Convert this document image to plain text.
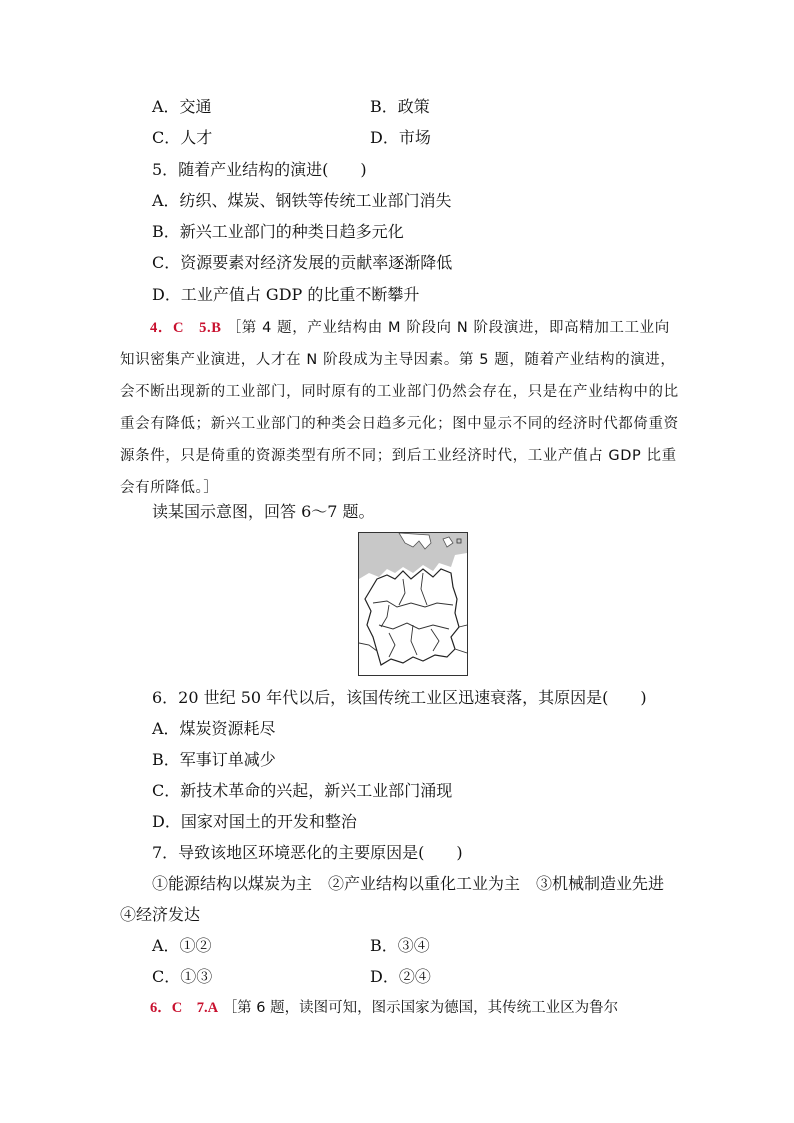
A．交通	B．政策
C．人才	D．市场
5．随着产业结构的演进(　　)
A．纺织、煤炭、钢铁等传统工业部门消失
B．新兴工业部门的种类日趋多元化
C．资源要素对经济发展的贡献率逐渐降低
D．工业产值占 GDP 的比重不断攀升
4．C　5.B ［第 4 题，产业结构由 M 阶段向 N 阶段演进，即高精加工工业向知识密集产业演进，人才在 N 阶段成为主导因素。第 5 题，随着产业结构的演进，会不断出现新的工业部门，同时原有的工业部门仍然会存在，只是在产业结构中的比重会有降低；新兴工业部门的种类会日趋多元化；图中显示不同的经济时代都倚重资源条件，只是倚重的资源类型有所不同；到后工业经济时代，工业产值占 GDP 比重会有所降低。］
读某国示意图，回答 6～7 题。
6．20 世纪 50 年代以后，该国传统工业区迅速衰落，其原因是(　　)
A．煤炭资源耗尽
B．军事订单减少
C．新技术革命的兴起，新兴工业部门涌现
D．国家对国土的开发和整治
7．导致该地区环境恶化的主要原因是(　　)
①能源结构以煤炭为主　②产业结构以重化工业为主　③机械制造业先进
④经济发达
A．①②	B．③④
C．①③	D．②④
6．C　7.A ［第 6 题，读图可知，图示国家为德国，其传统工业区为鲁尔
